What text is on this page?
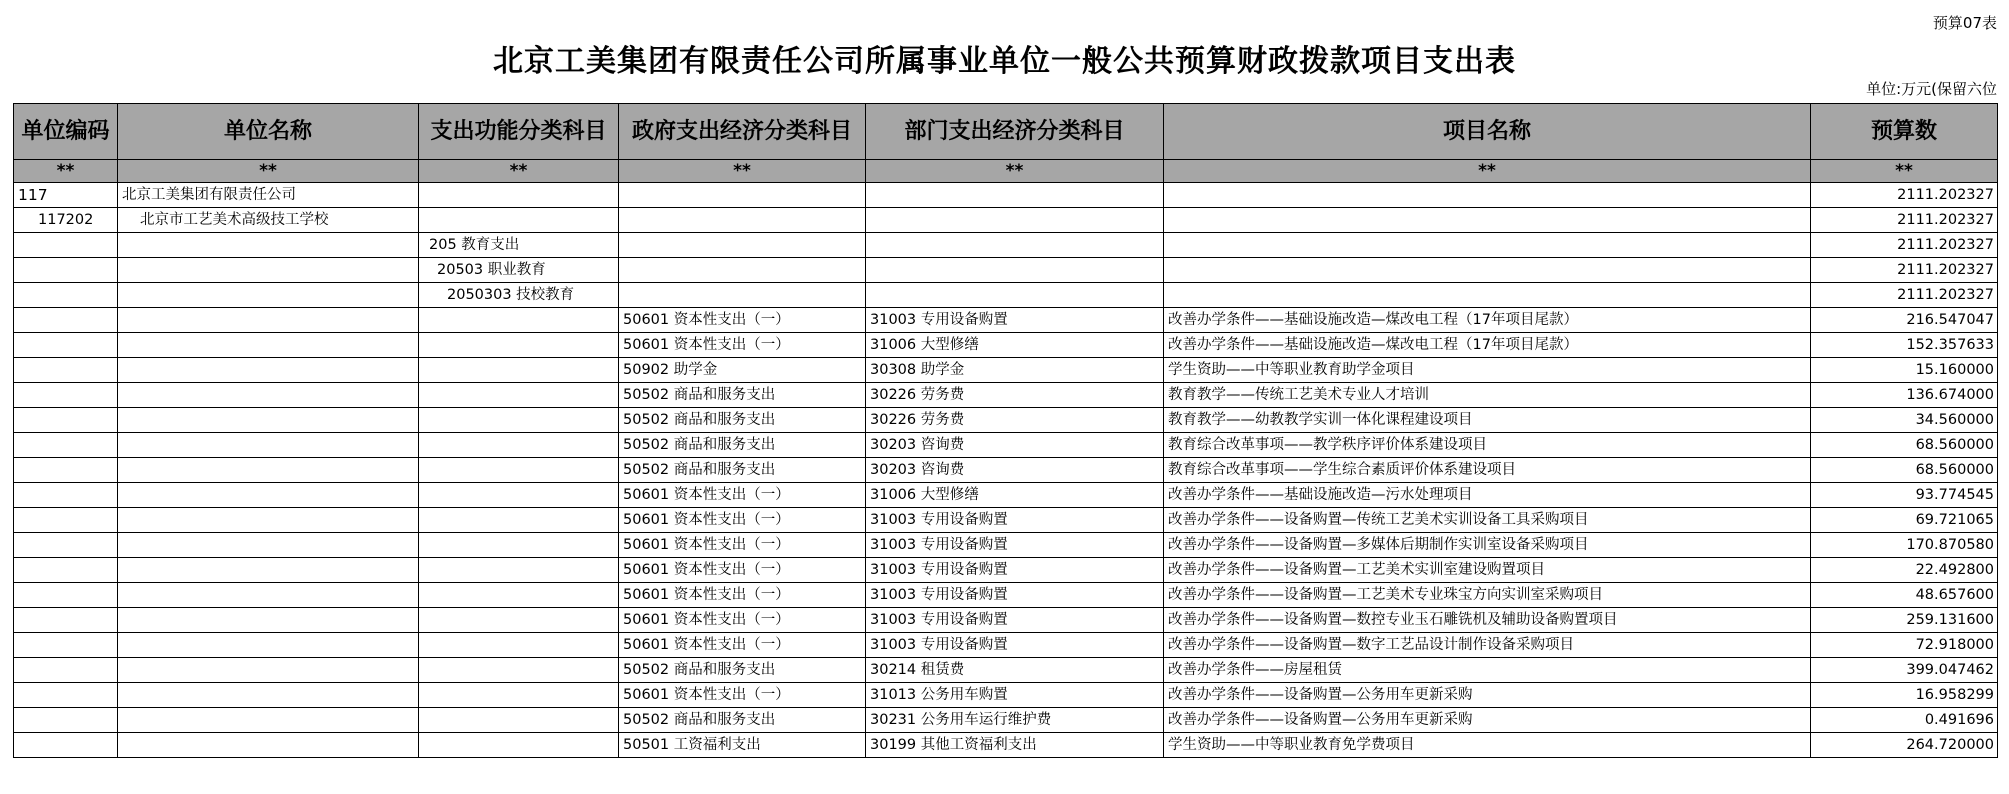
预算07表
北京工美集团有限责任公司所属事业单位一般公共预算财政拨款项目支出表
单位:万元(保留六位
单位编码	单位名称	支出功能分类科目	政府支出经济分类科目	部门支出经济分类科目	项目名称	预算数
**	**	**	**	**	**	**
117	北京工美集团有限责任公司					2111.202327
117202	北京市工艺美术高级技工学校					2111.202327
		205 教育支出				2111.202327
		20503 职业教育				2111.202327
		2050303 技校教育				2111.202327
			50601 资本性支出（一）	31003 专用设备购置	改善办学条件——基础设施改造—煤改电工程（17年项目尾款）	216.547047
			50601 资本性支出（一）	31006 大型修缮	改善办学条件——基础设施改造—煤改电工程（17年项目尾款）	152.357633
			50902 助学金	30308 助学金	学生资助——中等职业教育助学金项目	15.160000
			50502 商品和服务支出	30226 劳务费	教育教学——传统工艺美术专业人才培训	136.674000
			50502 商品和服务支出	30226 劳务费	教育教学——幼教教学实训一体化课程建设项目	34.560000
			50502 商品和服务支出	30203 咨询费	教育综合改革事项——教学秩序评价体系建设项目	68.560000
			50502 商品和服务支出	30203 咨询费	教育综合改革事项——学生综合素质评价体系建设项目	68.560000
			50601 资本性支出（一）	31006 大型修缮	改善办学条件——基础设施改造—污水处理项目	93.774545
			50601 资本性支出（一）	31003 专用设备购置	改善办学条件——设备购置—传统工艺美术实训设备工具采购项目	69.721065
			50601 资本性支出（一）	31003 专用设备购置	改善办学条件——设备购置—多媒体后期制作实训室设备采购项目	170.870580
			50601 资本性支出（一）	31003 专用设备购置	改善办学条件——设备购置—工艺美术实训室建设购置项目	22.492800
			50601 资本性支出（一）	31003 专用设备购置	改善办学条件——设备购置—工艺美术专业珠宝方向实训室采购项目	48.657600
			50601 资本性支出（一）	31003 专用设备购置	改善办学条件——设备购置—数控专业玉石雕铣机及辅助设备购置项目	259.131600
			50601 资本性支出（一）	31003 专用设备购置	改善办学条件——设备购置—数字工艺品设计制作设备采购项目	72.918000
			50502 商品和服务支出	30214 租赁费	改善办学条件——房屋租赁	399.047462
			50601 资本性支出（一）	31013 公务用车购置	改善办学条件——设备购置—公务用车更新采购	16.958299
			50502 商品和服务支出	30231 公务用车运行维护费	改善办学条件——设备购置—公务用车更新采购	0.491696
			50501 工资福利支出	30199 其他工资福利支出	学生资助——中等职业教育免学费项目	264.720000
